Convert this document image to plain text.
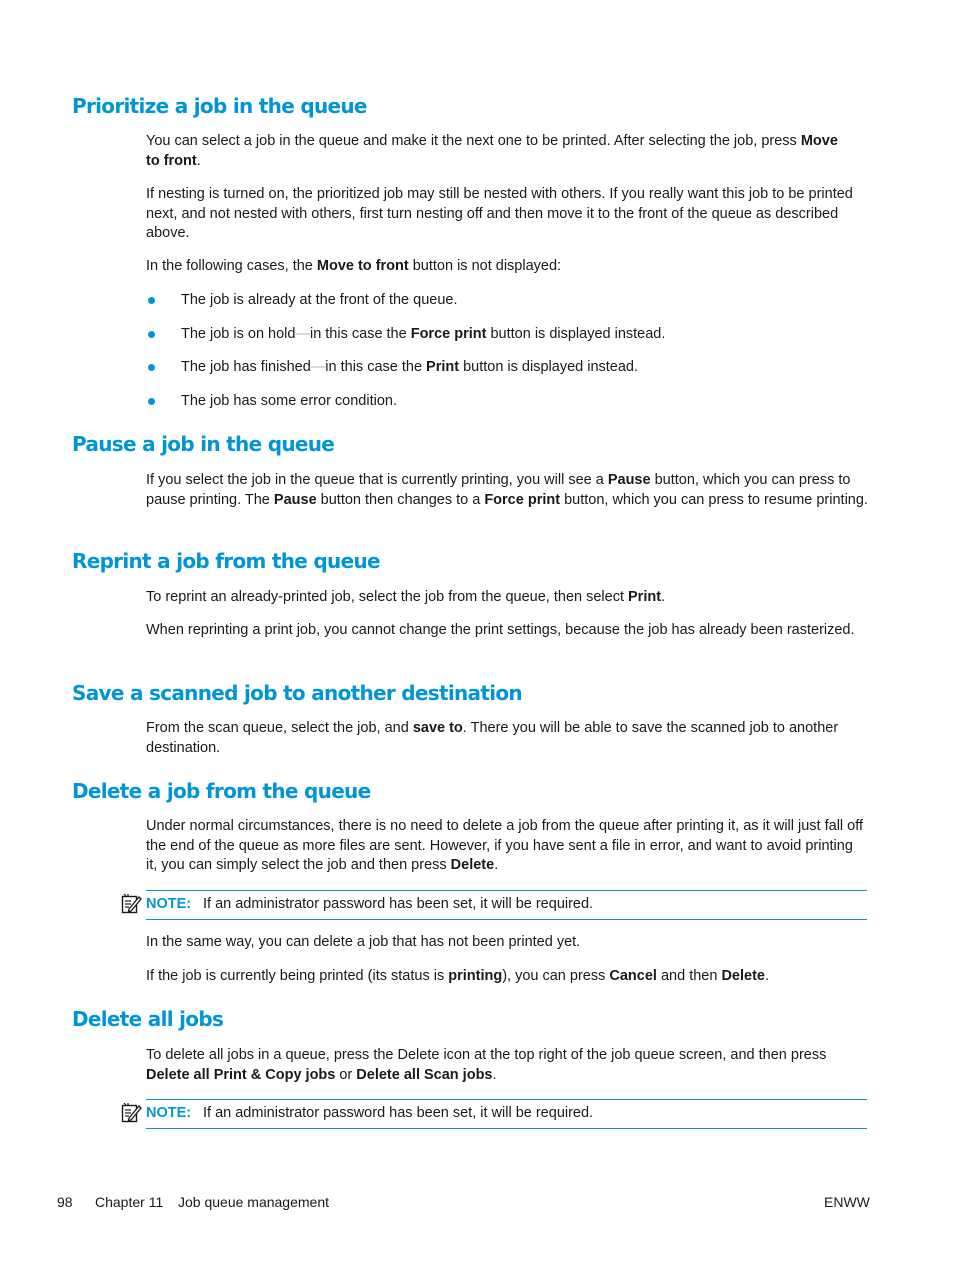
Prioritize a job in the queue

You can select a job in the queue and make it the next one to be printed. After selecting the job, press Move
to front.

If nesting is turned on, the prioritized job may still be nested with others. If you really want this job to be printed next, and not nested with others, first turn nesting off and then move it to the front of the queue as described above.

In the following cases, the Move to front button is not displayed:

The job is already at the front of the queue.
The job is on hold—in this case the Force print button is displayed instead.
The job has finished—in this case the Print button is displayed instead.
The job has some error condition.
Pause a job in the queue

If you select the job in the queue that is currently printing, you will see a Pause button, which you can press to pause printing. The Pause button then changes to a Force print button, which you can press to resume printing.

Reprint a job from the queue

To reprint an already-printed job, select the job from the queue, then select Print.

When reprinting a print job, you cannot change the print settings, because the job has already been rasterized.

Save a scanned job to another destination

From the scan queue, select the job, and save to. There you will be able to save the scanned job to another destination.

Delete a job from the queue

Under normal circumstances, there is no need to delete a job from the queue after printing it, as it will just fall off the end of the queue as more files are sent. However, if you have sent a file in error, and want to avoid printing it, you can simply select the job and then press Delete.

NOTE: If an administrator password has been set, it will be required.

In the same way, you can delete a job that has not been printed yet.

If the job is currently being printed (its status is printing), you can press Cancel and then Delete.

Delete all jobs

To delete all jobs in a queue, press the Delete icon at the top right of the job queue screen, and then press Delete all Print & Copy jobs or Delete all Scan jobs.

NOTE: If an administrator password has been set, it will be required.
98 Chapter 11 Job queue management	ENWW
